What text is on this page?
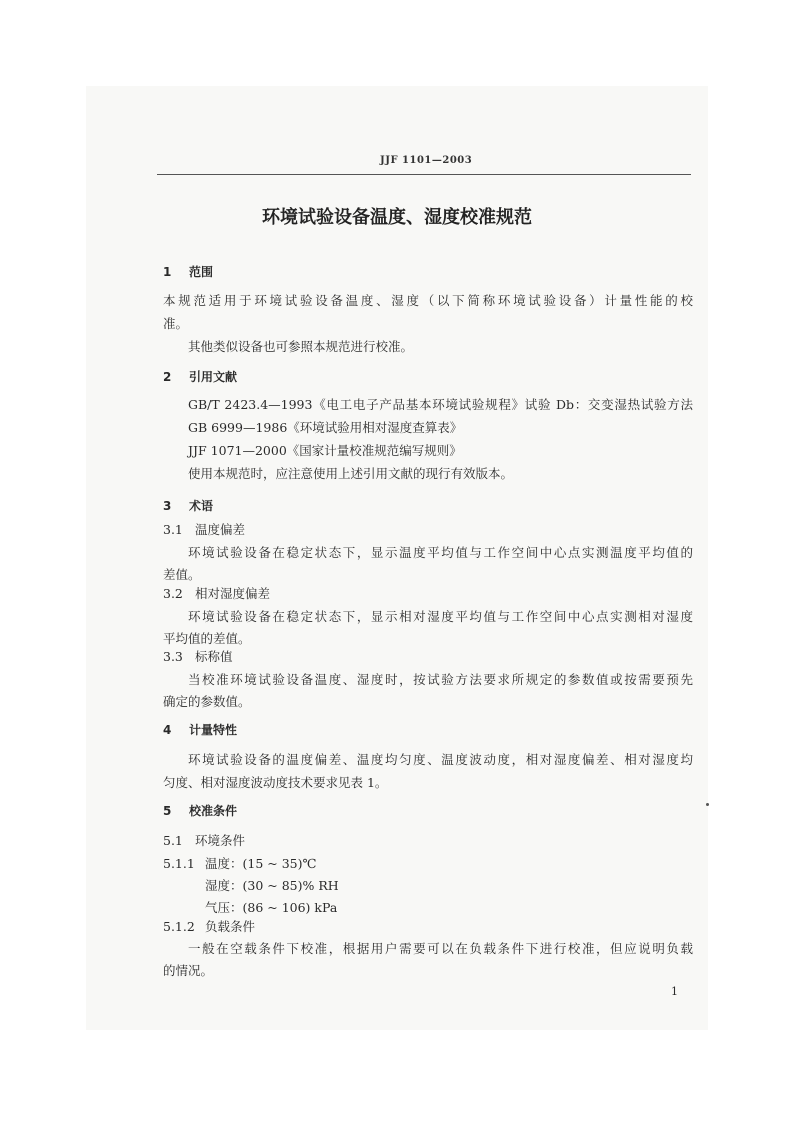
JJF 1101—2003
环境试验设备温度、湿度校准规范
1 范围
本规范适用于环境试验设备温度、湿度（以下简称环境试验设备）计量性能的校
准。
其他类似设备也可参照本规范进行校准。
2 引用文献
GB/T 2423.4—1993《电工电子产品基本环境试验规程》试验 Db：交变湿热试验方法
GB 6999—1986《环境试验用相对湿度查算表》
JJF 1071—2000《国家计量校准规范编写规则》
使用本规范时，应注意使用上述引用文献的现行有效版本。
3 术语
3.1 温度偏差
环境试验设备在稳定状态下，显示温度平均值与工作空间中心点实测温度平均值的
差值。
3.2 相对湿度偏差
环境试验设备在稳定状态下，显示相对湿度平均值与工作空间中心点实测相对湿度
平均值的差值。
3.3 标称值
当校准环境试验设备温度、湿度时，按试验方法要求所规定的参数值或按需要预先
确定的参数值。
4 计量特性
环境试验设备的温度偏差、温度均匀度、温度波动度，相对湿度偏差、相对湿度均
匀度、相对湿度波动度技术要求见表 1。
5 校准条件
5.1 环境条件
5.1.1 温度：(15 ~ 35)℃
湿度：(30 ~ 85)% RH
气压：(86 ~ 106) kPa
5.1.2 负载条件
一般在空载条件下校准，根据用户需要可以在负载条件下进行校准，但应说明负载
的情况。
1
